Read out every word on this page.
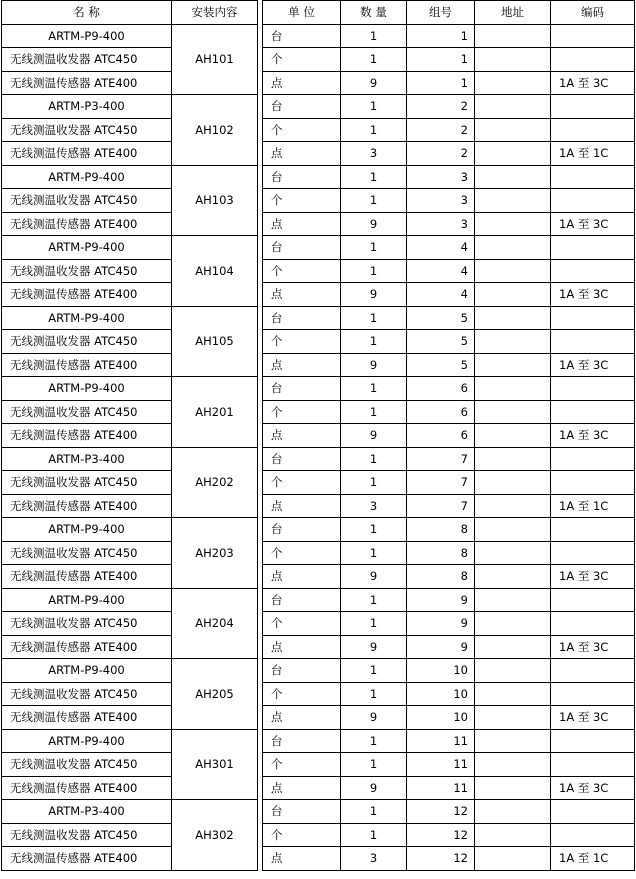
名 称	安装内容
ARTM-P9-400	AH101
无线测温收发器 ATC450	
无线测温传感器 ATE400	
ARTM-P3-400	AH102
无线测温收发器 ATC450	
无线测温传感器 ATE400	
ARTM-P9-400	AH103
无线测温收发器 ATC450	
无线测温传感器 ATE400	
ARTM-P9-400	AH104
无线测温收发器 ATC450	
无线测温传感器 ATE400	
ARTM-P9-400	AH105
无线测温收发器 ATC450	
无线测温传感器 ATE400	
ARTM-P9-400	AH201
无线测温收发器 ATC450	
无线测温传感器 ATE400	
ARTM-P3-400	AH202
无线测温收发器 ATC450	
无线测温传感器 ATE400	
ARTM-P9-400	AH203
无线测温收发器 ATC450	
无线测温传感器 ATE400	
ARTM-P9-400	AH204
无线测温收发器 ATC450	
无线测温传感器 ATE400	
ARTM-P9-400	AH205
无线测温收发器 ATC450	
无线测温传感器 ATE400	
ARTM-P9-400	AH301
无线测温收发器 ATC450	
无线测温传感器 ATE400	
ARTM-P3-400	AH302
无线测温收发器 ATC450	
无线测温传感器 ATE400	
单 位	数 量	组号	地址	编码
台	1	1		
个	1	1		
点	9	1		1A 至 3C
台	1	2		
个	1	2		
点	3	2		1A 至 1C
台	1	3		
个	1	3		
点	9	3		1A 至 3C
台	1	4		
个	1	4		
点	9	4		1A 至 3C
台	1	5		
个	1	5		
点	9	5		1A 至 3C
台	1	6		
个	1	6		
点	9	6		1A 至 3C
台	1	7		
个	1	7		
点	3	7		1A 至 1C
台	1	8		
个	1	8		
点	9	8		1A 至 3C
台	1	9		
个	1	9		
点	9	9		1A 至 3C
台	1	10		
个	1	10		
点	9	10		1A 至 3C
台	1	11		
个	1	11		
点	9	11		1A 至 3C
台	1	12		
个	1	12		
点	3	12		1A 至 1C
